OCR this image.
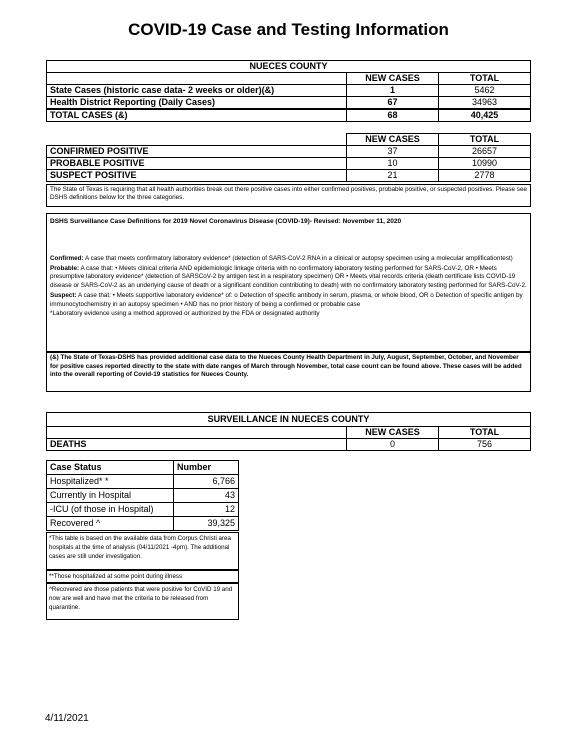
COVID-19 Case and Testing Information
NUECES COUNTY		
	NEW CASES	TOTAL
State Cases (historic case data- 2 weeks or older)(&)	1	5462
Health District Reporting (Daily Cases)	67	34963
TOTAL CASES (&)	68	40,425
	NEW CASES	TOTAL
CONFIRMED POSITIVE	37	26657
PROBABLE POSITIVE	10	10990
SUSPECT POSITIVE	21	2778
The State of Texas is requiring that all health authorities break out there positive cases into either confirmed positives, probable positive, or suspected positives. Please see DSHS definitions below for the three categories.
DSHS Surveillance Case Definitions for 2019 Novel Coronavirus Disease (COVID-19)- Revised: November 11, 2020
Confirmed: A case that meets confirmatory laboratory evidence* (detection of SARS-CoV-2 RNA in a clinical or autopsy specimen using a molecular amplificationtest)
Probable: A case that: • Meets clinical criteria AND epidemiologic linkage criteria with no confirmatory laboratory testing performed for SARS-CoV-2, OR • Meets presumptive laboratory evidence* (detection of SARSCoV-2 by antigen test in a respiratory specimen) OR • Meets vital records criteria (death certificate lists COVID-19 disease or SARS-CoV-2 as an underlying cause of death or a significant condition contributing to death) with no confirmatory laboratory testing performed for SARS-CoV-2.
Suspect: A case that: • Meets supportive laboratory evidence* of: o Detection of specific antibody in serum, plasma, or whole blood, OR o Detection of specific antigen by immunocytochemistry in an autopsy specimen • AND has no prior history of being a confirmed or probable case
*Laboratory evidence using a method approved or authorized by the FDA or designated authority
(&) The State of Texas-DSHS has provided additional case data to the Nueces County Health Department in July, August, September, October, and November for positive cases reported directly to the state with date ranges of March through November, total case count can be found above. These cases will be added into the overall reporting of Covid-19 statistics for Nueces County.
SURVEILLANCE IN NUECES COUNTY		
	NEW CASES	TOTAL
DEATHS	0	756
Case Status	Number
Hospitalized* *	6,766
Currently in Hospital	43
-ICU (of those in Hospital)	12
Recovered ^	39,325
*This table is based on the available data from Corpus Christi area hospitals at the time of analysis (04/11/2021 -4pm). The additional cases are still under investigation.
**Those hospitalized at some point during illness
^Recovered are those patients that were positive for CoVID 19 and now are well and have met the criteria to be released from quarantine.
4/11/2021
